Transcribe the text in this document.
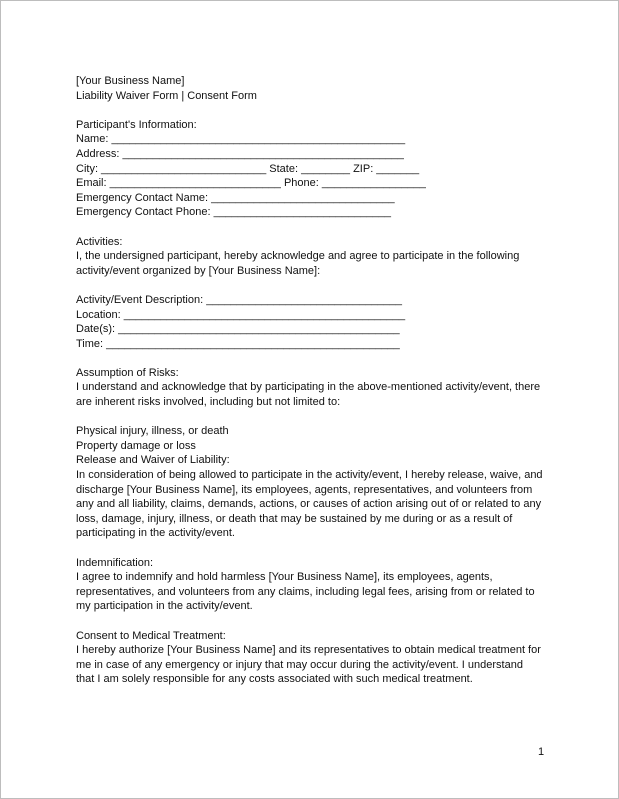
[Your Business Name]
Liability Waiver Form | Consent Form
Participant's Information:
Name: ________________________________________________
Address: ______________________________________________
City: ___________________________ State: ________ ZIP: _______
Email: ____________________________ Phone: _________________
Emergency Contact Name: ______________________________
Emergency Contact Phone: _____________________________
Activities:
I, the undersigned participant, hereby acknowledge and agree to participate in the following
activity/event organized by [Your Business Name]:
Activity/Event Description: ________________________________
Location: ______________________________________________
Date(s): ______________________________________________
Time: ________________________________________________
Assumption of Risks:
I understand and acknowledge that by participating in the above-mentioned activity/event, there
are inherent risks involved, including but not limited to:
Physical injury, illness, or death
Property damage or loss
Release and Waiver of Liability:
In consideration of being allowed to participate in the activity/event, I hereby release, waive, and
discharge [Your Business Name], its employees, agents, representatives, and volunteers from
any and all liability, claims, demands, actions, or causes of action arising out of or related to any
loss, damage, injury, illness, or death that may be sustained by me during or as a result of
participating in the activity/event.
Indemnification:
I agree to indemnify and hold harmless [Your Business Name], its employees, agents,
representatives, and volunteers from any claims, including legal fees, arising from or related to
my participation in the activity/event.
Consent to Medical Treatment:
I hereby authorize [Your Business Name] and its representatives to obtain medical treatment for
me in case of any emergency or injury that may occur during the activity/event. I understand
that I am solely responsible for any costs associated with such medical treatment.
1
